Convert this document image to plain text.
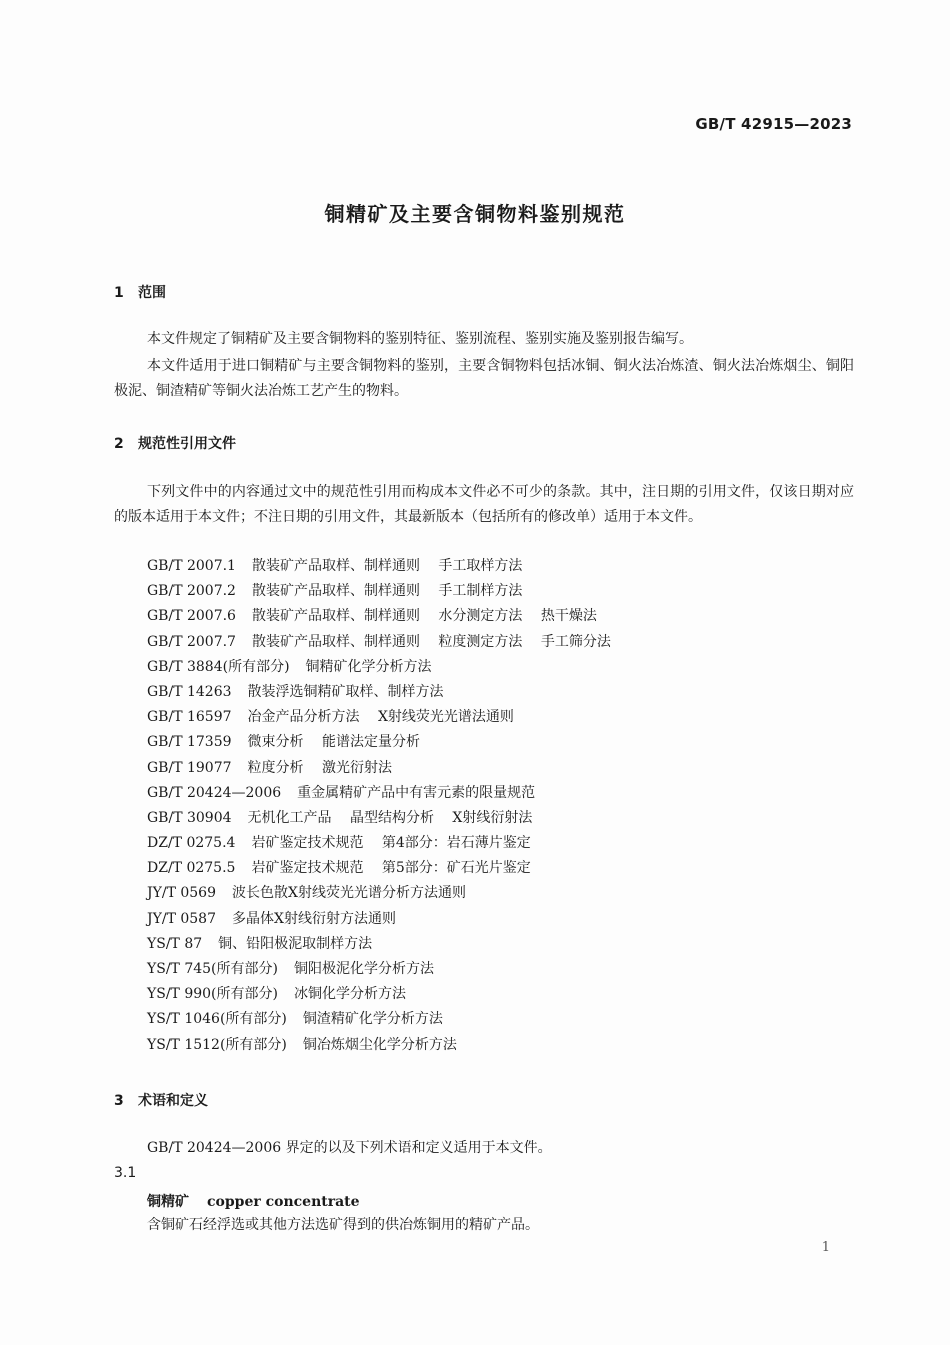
GB/T 42915—2023
铜精矿及主要含铜物料鉴别规范
1 范围
本文件规定了铜精矿及主要含铜物料的鉴别特征、鉴别流程、鉴别实施及鉴别报告编写。
本文件适用于进口铜精矿与主要含铜物料的鉴别，主要含铜物料包括冰铜、铜火法冶炼渣、铜火法冶炼烟尘、铜阳极泥、铜渣精矿等铜火法冶炼工艺产生的物料。
2 规范性引用文件
下列文件中的内容通过文中的规范性引用而构成本文件必不可少的条款。其中，注日期的引用文件，仅该日期对应的版本适用于本文件；不注日期的引用文件，其最新版本（包括所有的修改单）适用于本文件。
GB/T 2007.1 散装矿产品取样、制样通则 手工取样方法
GB/T 2007.2 散装矿产品取样、制样通则 手工制样方法
GB/T 2007.6 散装矿产品取样、制样通则 水分测定方法 热干燥法
GB/T 2007.7 散装矿产品取样、制样通则 粒度测定方法 手工筛分法
GB/T 3884(所有部分) 铜精矿化学分析方法
GB/T 14263 散装浮选铜精矿取样、制样方法
GB/T 16597 冶金产品分析方法 X射线荧光光谱法通则
GB/T 17359 微束分析 能谱法定量分析
GB/T 19077 粒度分析 激光衍射法
GB/T 20424—2006 重金属精矿产品中有害元素的限量规范
GB/T 30904 无机化工产品 晶型结构分析 X射线衍射法
DZ/T 0275.4 岩矿鉴定技术规范 第4部分：岩石薄片鉴定
DZ/T 0275.5 岩矿鉴定技术规范 第5部分：矿石光片鉴定
JY/T 0569 波长色散X射线荧光光谱分析方法通则
JY/T 0587 多晶体X射线衍射方法通则
YS/T 87 铜、铅阳极泥取制样方法
YS/T 745(所有部分) 铜阳极泥化学分析方法
YS/T 990(所有部分) 冰铜化学分析方法
YS/T 1046(所有部分) 铜渣精矿化学分析方法
YS/T 1512(所有部分) 铜冶炼烟尘化学分析方法
3 术语和定义
GB/T 20424—2006 界定的以及下列术语和定义适用于本文件。
3.1
铜精矿 copper concentrate
含铜矿石经浮选或其他方法选矿得到的供冶炼铜用的精矿产品。
1
